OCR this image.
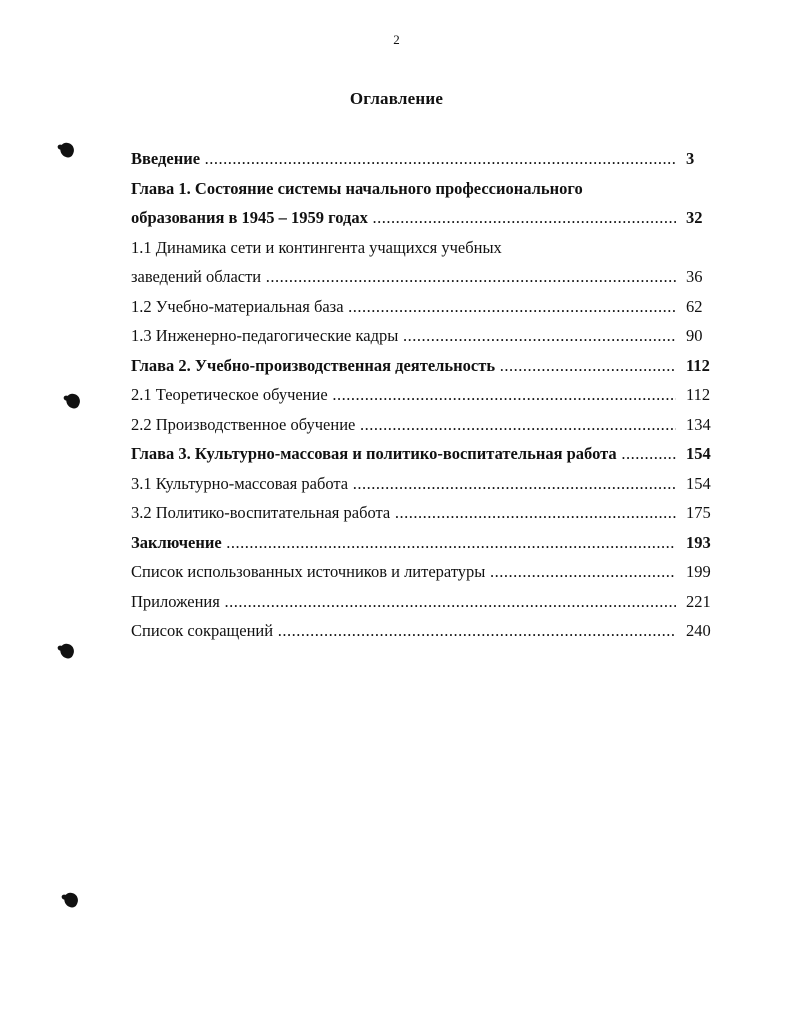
2
Оглавление
Введение .....	3
Глава 1. Состояние системы начального профессионального
образования в 1945 – 1959 годах .....	32
1.1 Динамика сети и контингента учащихся учебных
заведений области .....	36
1.2 Учебно-материальная база .....	62
1.3 Инженерно-педагогические кадры .....	90
Глава 2. Учебно-производственная деятельность .....	112
2.1 Теоретическое обучение .....	112
2.2 Производственное обучение .....	134
Глава 3. Культурно-массовая и политико-воспитательная работа .....	154
3.1 Культурно-массовая работа .....	154
3.2 Политико-воспитательная работа .....	175
Заключение .....	193
Список использованных источников и литературы .....	199
Приложения .....	221
Список сокращений .....	240
